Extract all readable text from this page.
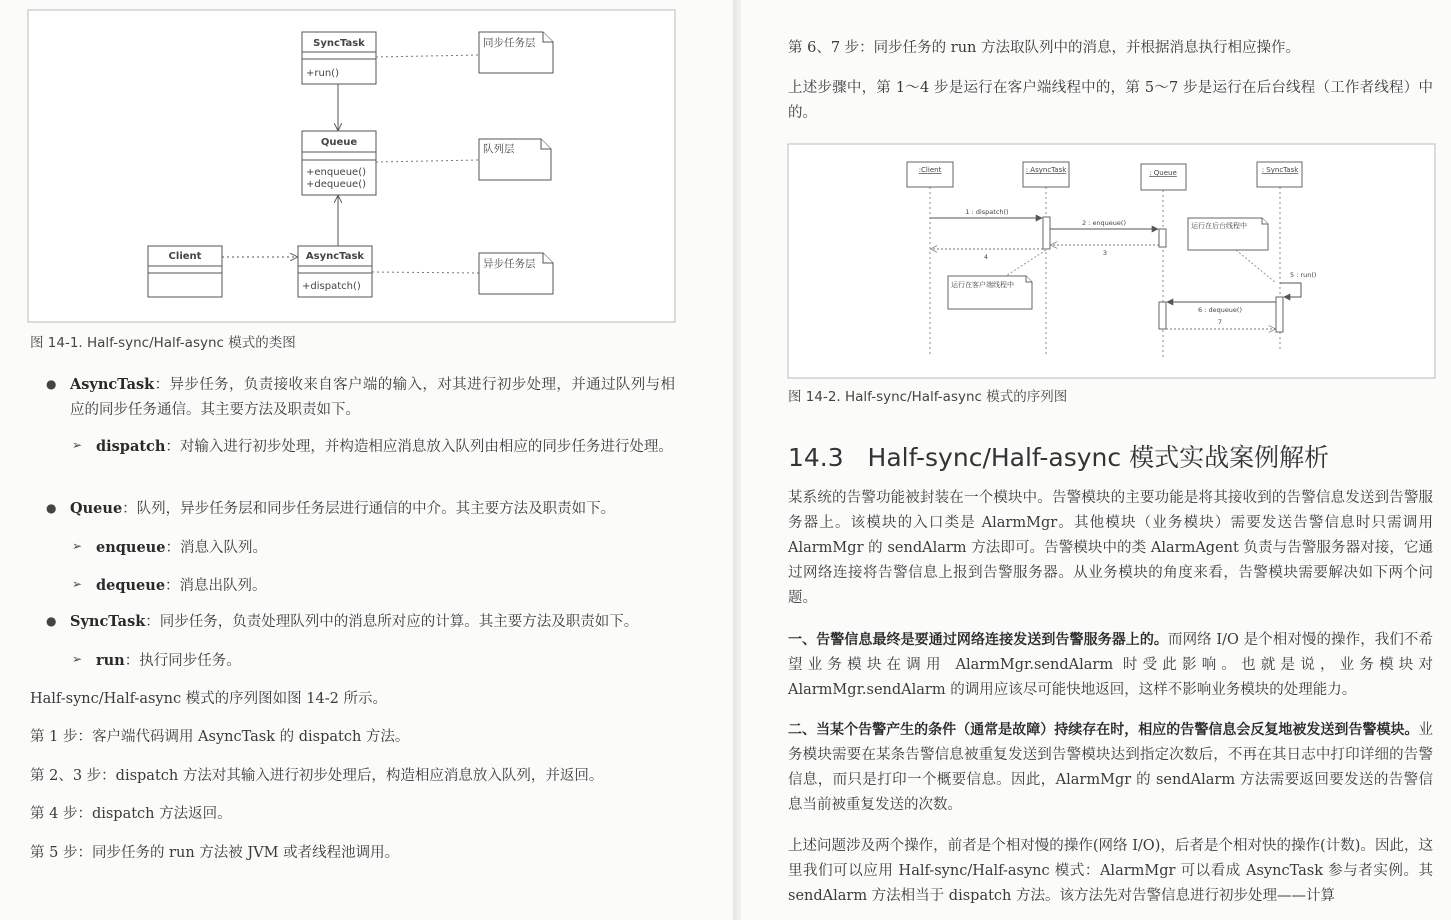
SyncTask
+run()
Queue
+enqueue()
+dequeue()
Client	AsyncTask
+dispatch()
同步任务层
队列层
异步任务层
图 14-1. Half-sync/Half-async 模式的类图
● AsyncTask：异步任务，负责接收来自客户端的输入，对其进行初步处理，并通过队列与相应的同步任务通信。其主要方法及职责如下。
➢ dispatch：对输入进行初步处理，并构造相应消息放入队列由相应的同步任务进行处理。
● Queue：队列，异步任务层和同步任务层进行通信的中介。其主要方法及职责如下。
➢ enqueue：消息入队列。
➢ dequeue：消息出队列。
● SyncTask：同步任务，负责处理队列中的消息所对应的计算。其主要方法及职责如下。
➢ run：执行同步任务。
Half-sync/Half-async 模式的序列图如图 14-2 所示。
第 1 步：客户端代码调用 AsyncTask 的 dispatch 方法。
第 2、3 步：dispatch 方法对其输入进行初步处理后，构造相应消息放入队列，并返回。
第 4 步：dispatch 方法返回。
第 5 步：同步任务的 run 方法被 JVM 或者线程池调用。
第 6、7 步：同步任务的 run 方法取队列中的消息，并根据消息执行相应操作。
上述步骤中，第 1～4 步是运行在客户端线程中的，第 5～7 步是运行在后台线程（工作者线程）中的。
:Client	: AsyncTask	: Queue	: SyncTask
1 : dispatch()
2 : enqueue()
3
4
5 : run()
6 : dequeue()
7
运行在客户端线程中
运行在后台线程中
图 14-2. Half-sync/Half-async 模式的序列图
14.3 Half-sync/Half-async 模式实战案例解析
某系统的告警功能被封装在一个模块中。告警模块的主要功能是将其接收到的告警信息发送到告警服务器上。该模块的入口类是 AlarmMgr。其他模块（业务模块）需要发送告警信息时只需调用 AlarmMgr 的 sendAlarm 方法即可。告警模块中的类 AlarmAgent 负责与告警服务器对接，它通过网络连接将告警信息上报到告警服务器。从业务模块的角度来看，告警模块需要解决如下两个问题。
一、告警信息最终是要通过网络连接发送到告警服务器上的。而网络 I/O 是个相对慢的操作，我们不希望业务模块在调用 AlarmMgr.sendAlarm 时受此影响。也就是说，业务模块对 AlarmMgr.sendAlarm 的调用应该尽可能快地返回，这样不影响业务模块的处理能力。
二、当某个告警产生的条件（通常是故障）持续存在时，相应的告警信息会反复地被发送到告警模块。业务模块需要在某条告警信息被重复发送到告警模块达到指定次数后，不再在其日志中打印详细的告警信息，而只是打印一个概要信息。因此，AlarmMgr 的 sendAlarm 方法需要返回要发送的告警信息当前被重复发送的次数。
上述问题涉及两个操作，前者是个相对慢的操作(网络 I/O)，后者是个相对快的操作(计数)。因此，这里我们可以应用 Half-sync/Half-async 模式：AlarmMgr 可以看成 AsyncTask 参与者实例。其 sendAlarm 方法相当于 dispatch 方法。该方法先对告警信息进行初步处理——计算
